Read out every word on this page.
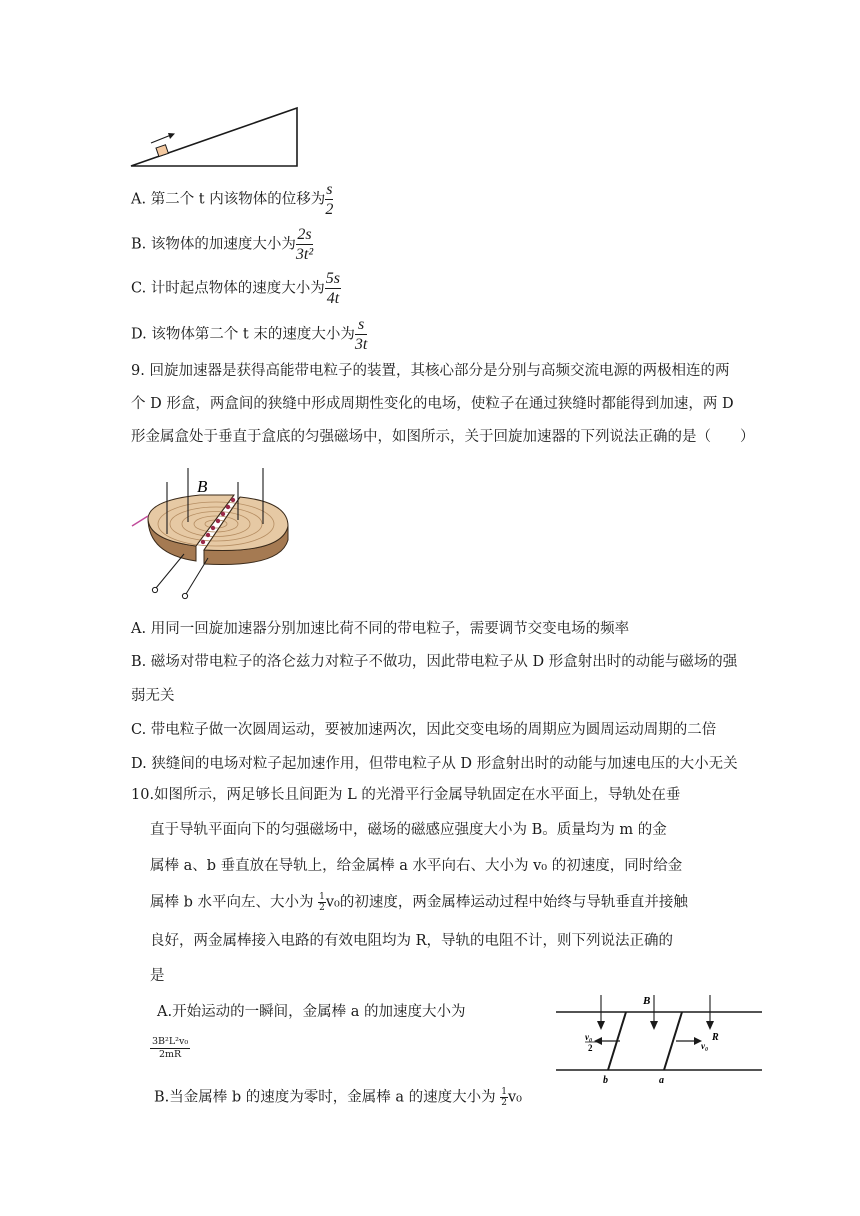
A. 第二个 t 内该物体的位移为 $\frac{s}{2}$
B. 该物体的加速度大小为 $\frac{2s}{\text{3t²}}$
C. 计时起点物体的速度大小为 $\frac{5s}{4t}$
D. 该物体第二个 t 末的速度大小为 $\frac{s}{3t}$
9. 回旋加速器是获得高能带电粒子的装置，其核心部分是分别与高频交流电源的两极相连的两
个 D 形盒，两盒间的狭缝中形成周期性变化的电场，使粒子在通过狭缝时都能得到加速，两 D
形金属盒处于垂直于盒底的匀强磁场中，如图所示，关于回旋加速器的下列说法正确的是（　　）
B
A. 用同一回旋加速器分别加速比荷不同的带电粒子，需要调节交变电场的频率
B. 磁场对带电粒子的洛仑兹力对粒子不做功，因此带电粒子从 D 形盒射出时的动能与磁场的强
弱无关
C. 带电粒子做一次圆周运动，要被加速两次，因此交变电场的周期应为圆周运动周期的二倍
D. 狭缝间的电场对粒子起加速作用，但带电粒子从 D 形盒射出时的动能与加速电压的大小无关
10.如图所示，两足够长且间距为 L 的光滑平行金属导轨固定在水平面上，导轨处在垂
直于导轨平面向下的匀强磁场中，磁场的磁感应强度大小为 B。质量均为 m 的金
属棒 a、b 垂直放在导轨上，给金属棒 a 水平向右、大小为 v₀ 的初速度，同时给金
属棒 b 水平向左、大小为 $\frac{1}{2} v_0$的初速度，两金属棒运动过程中始终与导轨垂直并接触
良好，两金属棒接入电路的有效电阻均为 R，导轨的电阻不计，则下列说法正确的
是
A.开始运动的一瞬间，金属棒 a 的加速度大小为
$\frac{\text{3B²L²v₀}}{2mR}$
B.当金属棒 b 的速度为零时，金属棒 a 的速度大小为 $\frac{1}{2} v_0$
B
v₀
2	v₀
R
b	a
